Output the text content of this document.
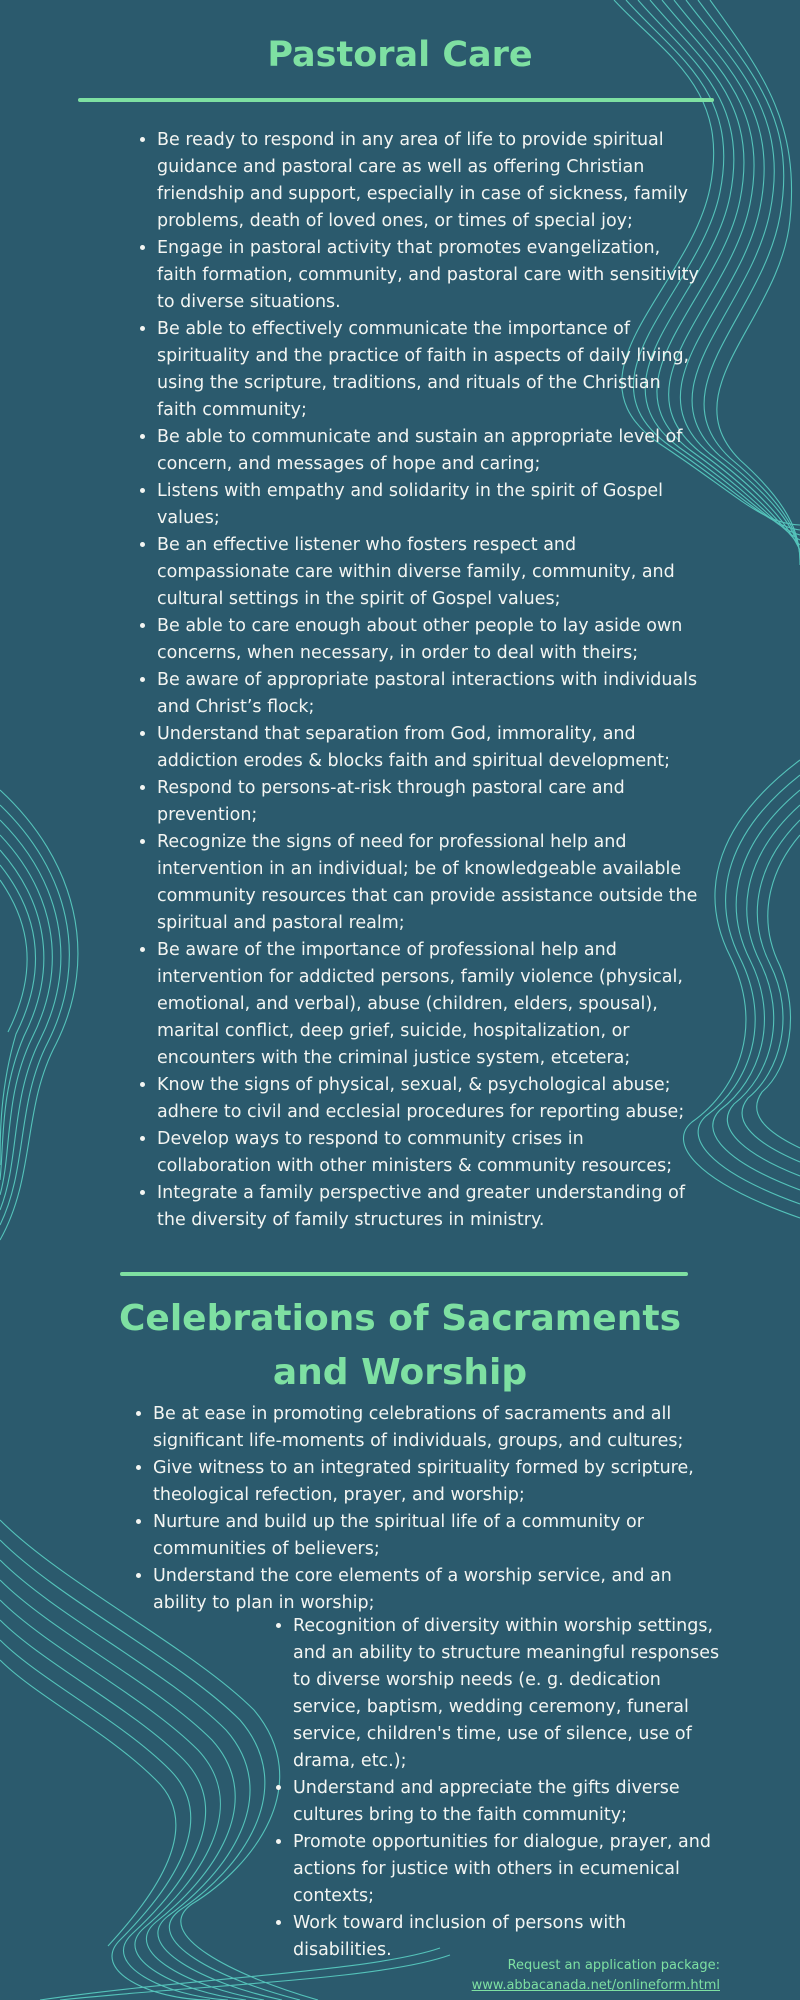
Pastoral Care
• Be ready to respond in any area of life to provide spiritual guidance and pastoral care as well as offering Christian friendship and support, especially in case of sickness, family problems, death of loved ones, or times of special joy;
• Engage in pastoral activity that promotes evangelization, faith formation, community, and pastoral care with sensitivity to diverse situations.
• Be able to effectively communicate the importance of spirituality and the practice of faith in aspects of daily living, using the scripture, traditions, and rituals of the Christian faith community;
• Be able to communicate and sustain an appropriate level of concern, and messages of hope and caring;
• Listens with empathy and solidarity in the spirit of Gospel values;
• Be an effective listener who fosters respect and compassionate care within diverse family, community, and cultural settings in the spirit of Gospel values;
• Be able to care enough about other people to lay aside own concerns, when necessary, in order to deal with theirs;
• Be aware of appropriate pastoral interactions with individuals and Christ’s flock;
• Understand that separation from God, immorality, and addiction erodes & blocks faith and spiritual development;
• Respond to persons-at-risk through pastoral care and prevention;
• Recognize the signs of need for professional help and intervention in an individual; be of knowledgeable available community resources that can provide assistance outside the spiritual and pastoral realm;
• Be aware of the importance of professional help and intervention for addicted persons, family violence (physical, emotional, and verbal), abuse (children, elders, spousal), marital conflict, deep grief, suicide, hospitalization, or encounters with the criminal justice system, etcetera;
• Know the signs of physical, sexual, & psychological abuse; adhere to civil and ecclesial procedures for reporting abuse;
• Develop ways to respond to community crises in collaboration with other ministers & community resources;
• Integrate a family perspective and greater understanding of the diversity of family structures in ministry.
Celebrations of Sacraments
and Worship
• Be at ease in promoting celebrations of sacraments and all significant life-moments of individuals, groups, and cultures;
• Give witness to an integrated spirituality formed by scripture, theological refection, prayer, and worship;
• Nurture and build up the spiritual life of a community or communities of believers;
• Understand the core elements of a worship service, and an ability to plan in worship;
• Recognition of diversity within worship settings, and an ability to structure meaningful responses to diverse worship needs (e. g. dedication service, baptism, wedding ceremony, funeral service, children's time, use of silence, use of drama, etc.);
• Understand and appreciate the gifts diverse cultures bring to the faith community;
• Promote opportunities for dialogue, prayer, and actions for justice with others in ecumenical contexts;
• Work toward inclusion of persons with disabilities.
Request an application package:
www.abbacanada.net/onlineform.html
